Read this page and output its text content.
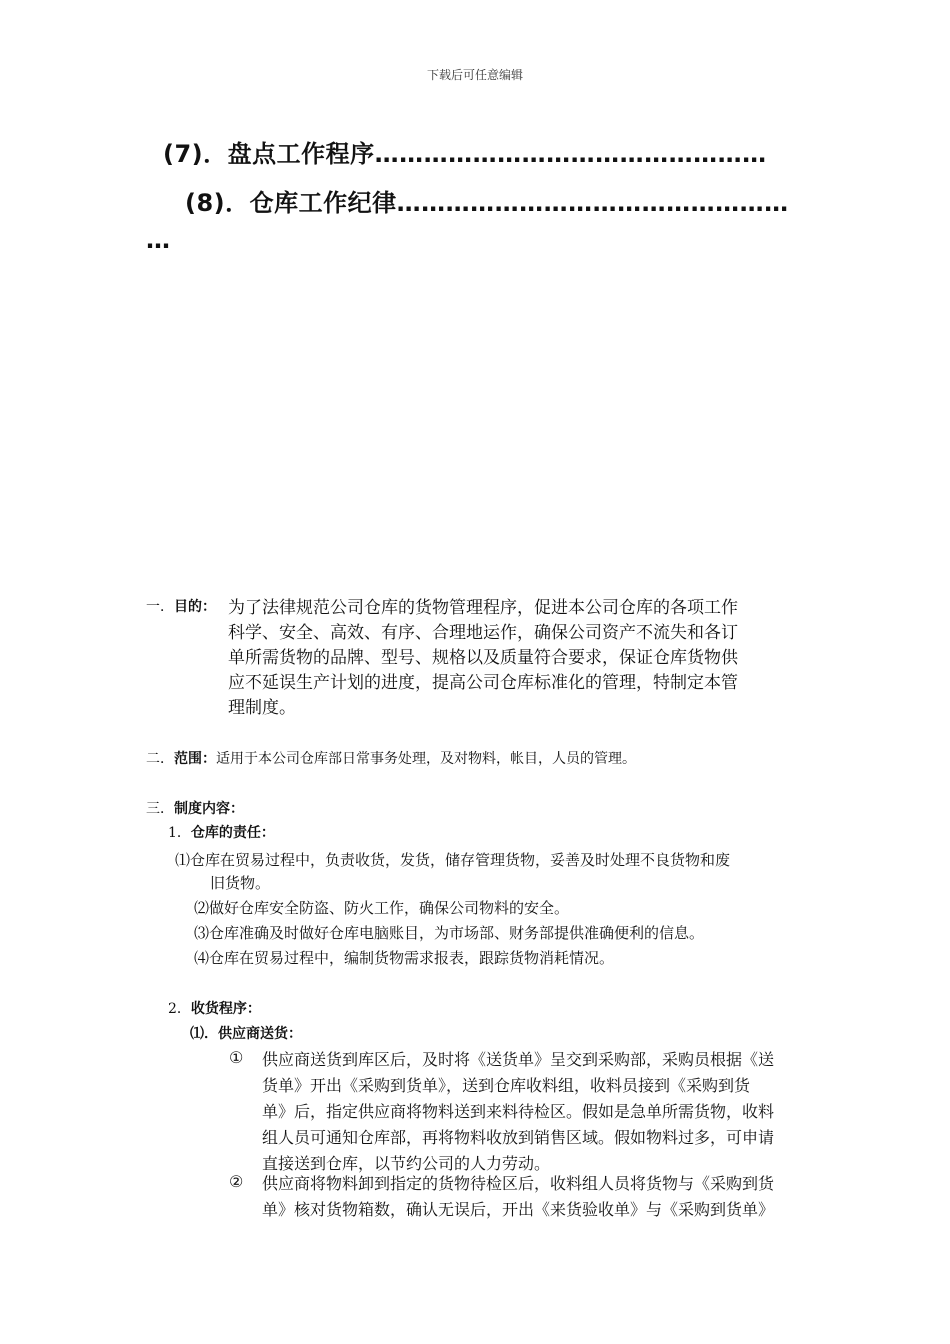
下载后可任意编辑
(7)．盘点工作程序…………………………………………
(8)．仓库工作纪律…………………………………………
…
一．目的： 为了法律规范公司仓库的货物管理程序，促进本公司仓库的各项工作
科学、安全、高效、有序、合理地运作，确保公司资产不流失和各订
单所需货物的品牌、型号、规格以及质量符合要求，保证仓库货物供
应不延误生产计划的进度，提高公司仓库标准化的管理，特制定本管
理制度。
二．范围：适用于本公司仓库部日常事务处理，及对物料，帐目，人员的管理。
三．制度内容：
1．仓库的责任：
⑴仓库在贸易过程中，负责收货，发货，储存管理货物，妥善及时处理不良货物和废
旧货物。
⑵做好仓库安全防盗、防火工作，确保公司物料的安全。
⑶仓库准确及时做好仓库电脑账目，为市场部、财务部提供准确便利的信息。
⑷仓库在贸易过程中，编制货物需求报表，跟踪货物消耗情况。
2．收货程序：
⑴．供应商送货：
① 供应商送货到库区后，及时将《送货单》呈交到采购部，采购员根据《送
货单》开出《采购到货单》，送到仓库收料组，收料员接到《采购到货
单》后，指定供应商将物料送到来料待检区。假如是急单所需货物，收料
组人员可通知仓库部，再将物料收放到销售区域。假如物料过多，可申请
直接送到仓库，以节约公司的人力劳动。
② 供应商将物料卸到指定的货物待检区后，收料组人员将货物与《采购到货
单》核对货物箱数，确认无误后，开出《来货验收单》与《采购到货单》
